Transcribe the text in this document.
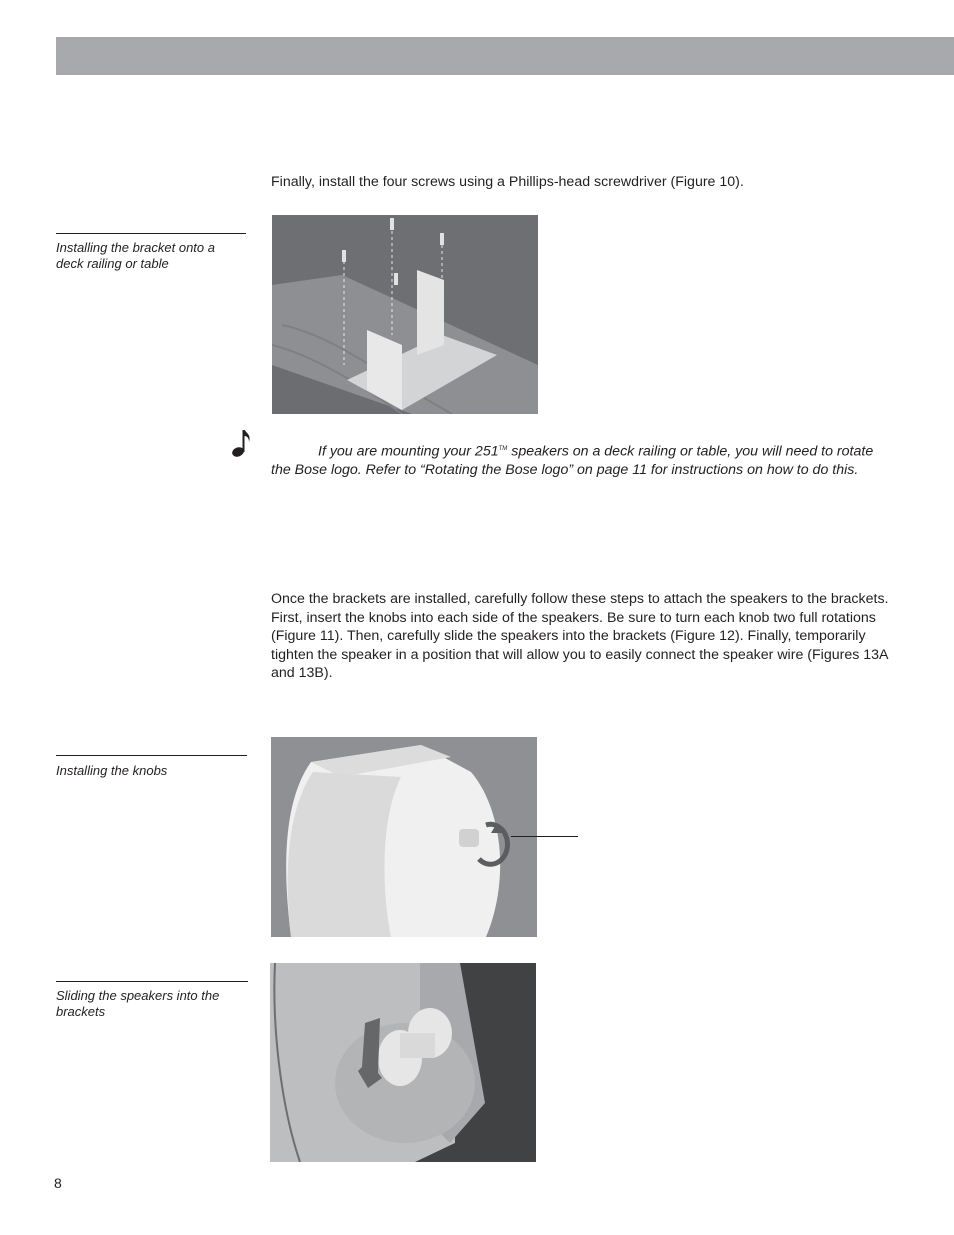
Finally, install the four screws using a Phillips-head screwdriver (Figure 10).

Installing the bracket onto a deck railing or table
If you are mounting your 251™ speakers on a deck railing or table, you will need to rotate the Bose logo. Refer to “Rotating the Bose logo” on page 11 for instructions on how to do this.

Once the brackets are installed, carefully follow these steps to attach the speakers to the brackets. First, insert the knobs into each side of the speakers. Be sure to turn each knob two full rotations (Figure 11). Then, carefully slide the speakers into the brackets (Figure 12). Finally, temporarily tighten the speaker in a position that will allow you to easily connect the speaker wire (Figures 13A and 13B).

Installing the knobs
Sliding the speakers into the brackets
8
